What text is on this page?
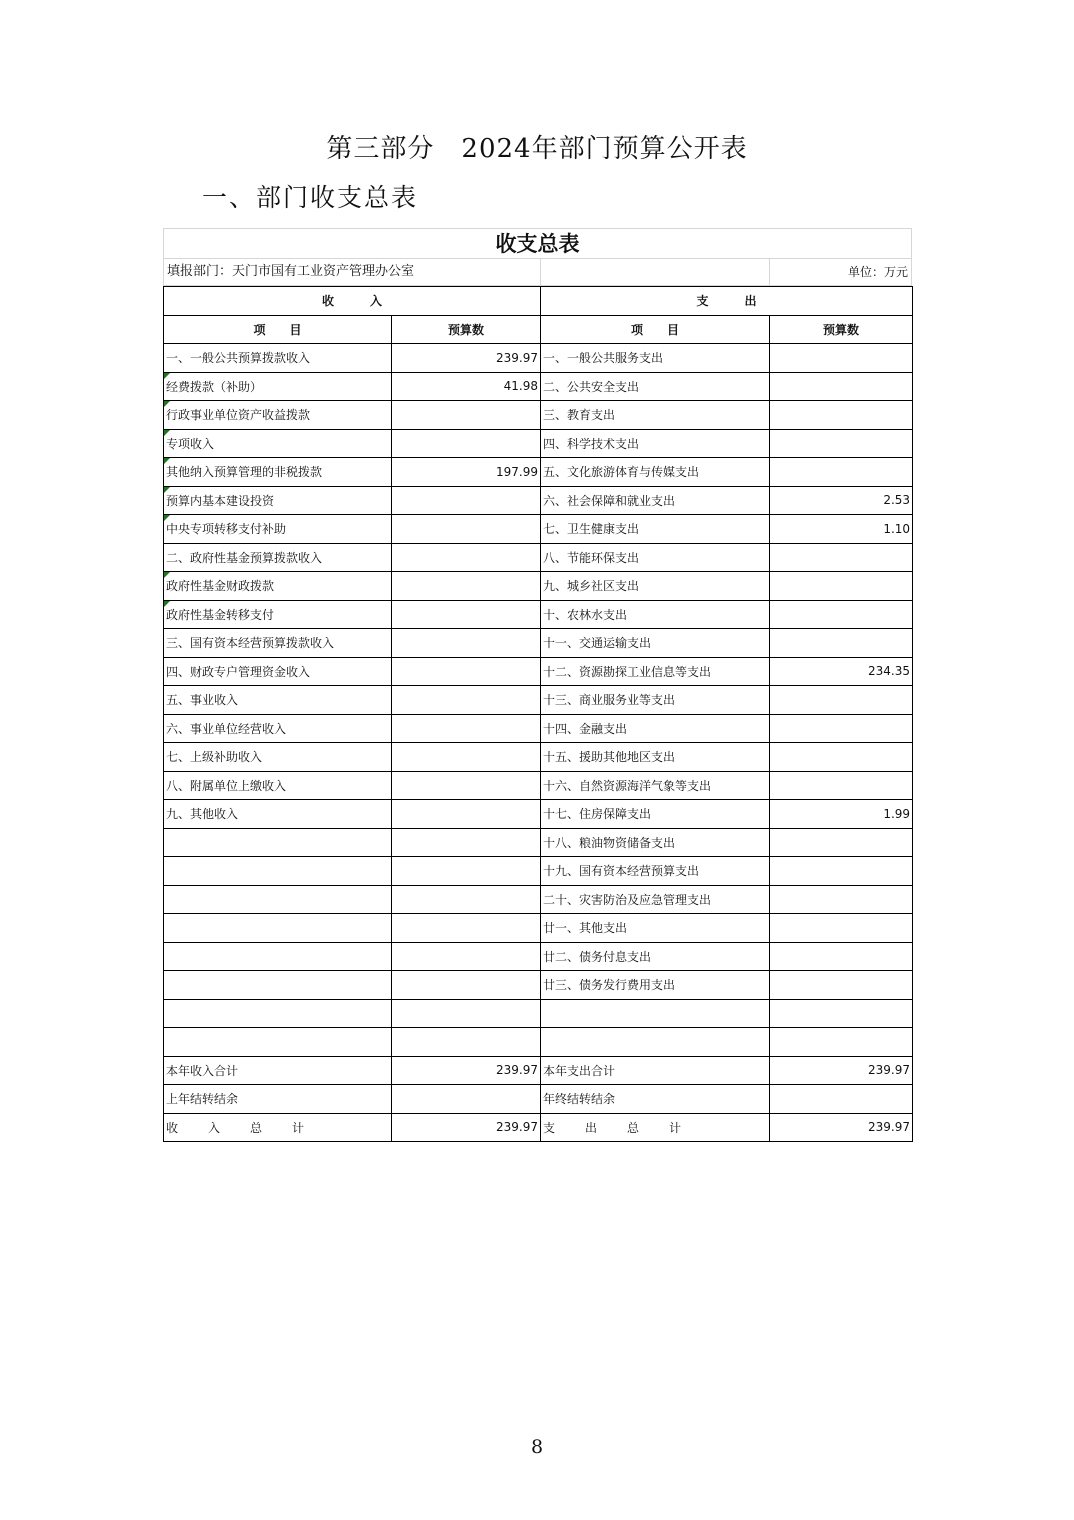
第三部分　2024年部门预算公开表
一、部门收支总表
收支总表
填报部门：天门市国有工业资产管理办公室	单位：万元
收　　　入		支　　　出	
项　　目	预算数	项　　目	预算数
一、一般公共预算拨款收入	239.97	一、一般公共服务支出	
经费拨款（补助）	41.98	二、公共安全支出	
行政事业单位资产收益拨款		三、教育支出	
专项收入		四、科学技术支出	
其他纳入预算管理的非税拨款	197.99	五、文化旅游体育与传媒支出	
预算内基本建设投资		六、社会保障和就业支出	2.53
中央专项转移支付补助		七、卫生健康支出	1.10
二、政府性基金预算拨款收入		八、节能环保支出	
政府性基金财政拨款		九、城乡社区支出	
政府性基金转移支付		十、农林水支出	
三、国有资本经营预算拨款收入		十一、交通运输支出	
四、财政专户管理资金收入		十二、资源勘探工业信息等支出	234.35
五、事业收入		十三、商业服务业等支出	
六、事业单位经营收入		十四、金融支出	
七、上级补助收入		十五、援助其他地区支出	
八、附属单位上缴收入		十六、自然资源海洋气象等支出	
九、其他收入		十七、住房保障支出	1.99
		十八、粮油物资储备支出	
		十九、国有资本经营预算支出	
		二十、灾害防治及应急管理支出	
		廿一、其他支出	
		廿二、债务付息支出	
		廿三、债务发行费用支出	

本年收入合计	239.97	本年支出合计	239.97
上年结转结余		年终结转结余	
收　　入　　总　　计	239.97	支　　出　　总　　计	239.97
8
